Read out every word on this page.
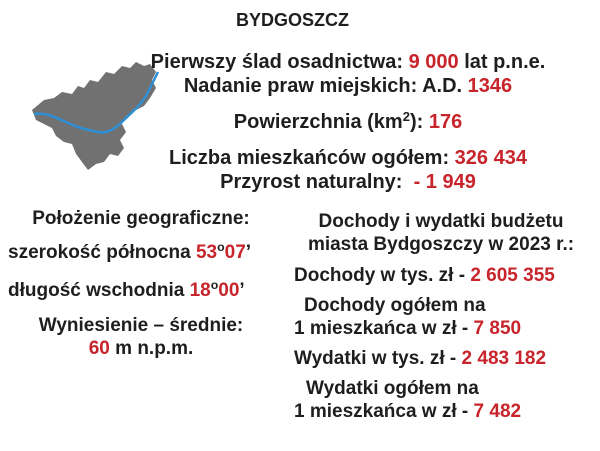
BYDGOSZCZ
Pierwszy ślad osadnictwa: 9 000 lat p.n.e.
Nadanie praw miejskich: A.D. 1346
Powierzchnia $(km^2)$: 176
Liczba mieszkańców ogółem: 326 434
Przyrost naturalny: - 1 949
Położenie geograficzne:
szerokość północna 53$^o$07’
długość wschodnia 18$^o$00’
Wyniesienie – średnie:
60 m n.p.m.
Dochody i wydatki budżetu
miasta Bydgoszczy w 2023 r.:
Dochody w tys. zł - 2 605 355
Dochody ogółem na
1 mieszkańca w zł - 7 850
Wydatki w tys. zł - 2 483 182
Wydatki ogółem na
1 mieszkańca w zł - 7 482
